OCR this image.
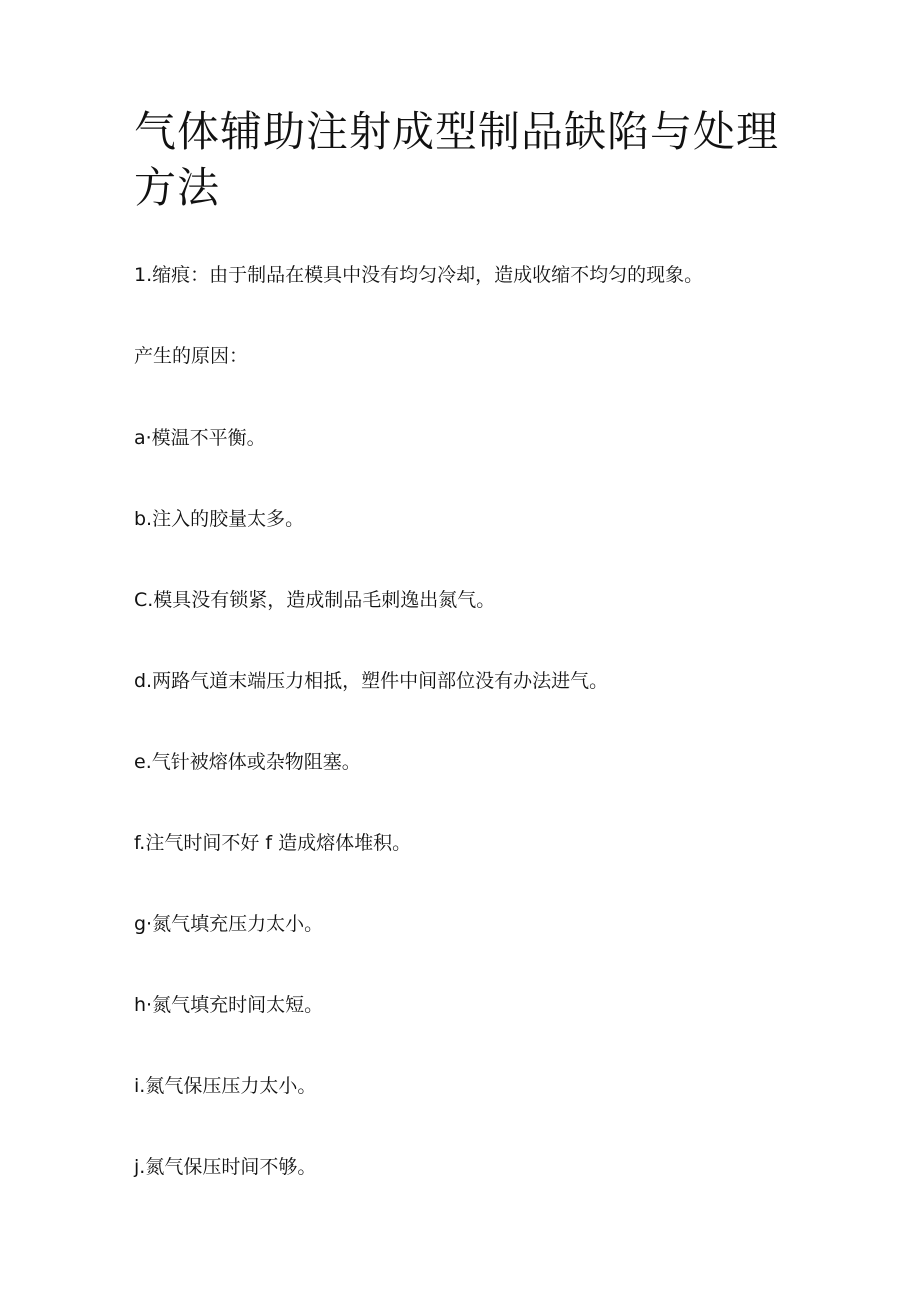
气体辅助注射成型制品缺陷与处理方法

1.缩痕：由于制品在模具中没有均匀冷却，造成收缩不均匀的现象。

产生的原因：

a·模温不平衡。

b.注入的胶量太多。

C.模具没有锁紧，造成制品毛刺逸出氮气。

d.两路气道末端压力相抵，塑件中间部位没有办法进气。

e.气针被熔体或杂物阻塞。

f.注气时间不好 f 造成熔体堆积。

g·氮气填充压力太小。

h·氮气填充时间太短。

i.氮气保压压力太小。

j.氮气保压时间不够。
